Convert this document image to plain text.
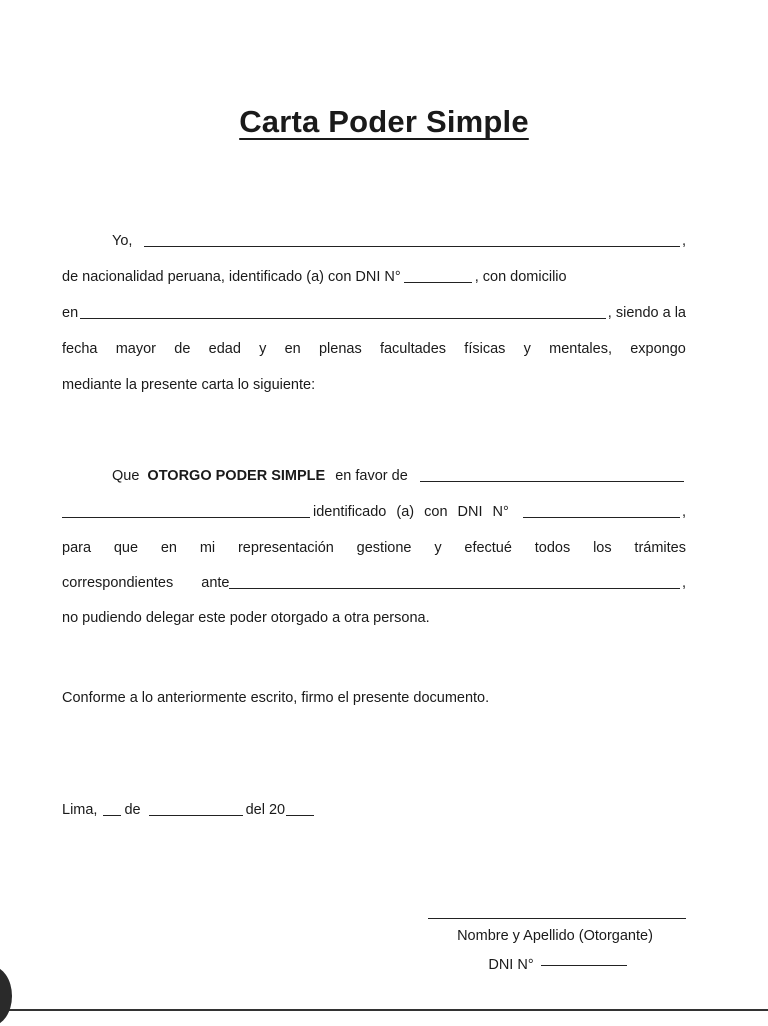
Carta Poder Simple
Yo,	,
de nacionalidad peruana, identificado (a) con DNI N°	, con domicilio
en	, siendo a la
fecha mayor de edad y en plenas facultades físicas y mentales, expongo
mediante la presente carta lo siguiente:
Que OTORGO PODER SIMPLE en favor de
identificado (a) con DNI N°	,
para que en mi representación gestione y efectué todos los trámites
correspondientes ante	,
no pudiendo delegar este poder otorgado a otra persona.
Conforme a lo anteriormente escrito, firmo el presente documento.
Lima, de	del 20
Nombre y Apellido (Otorgante)
DNI N°
